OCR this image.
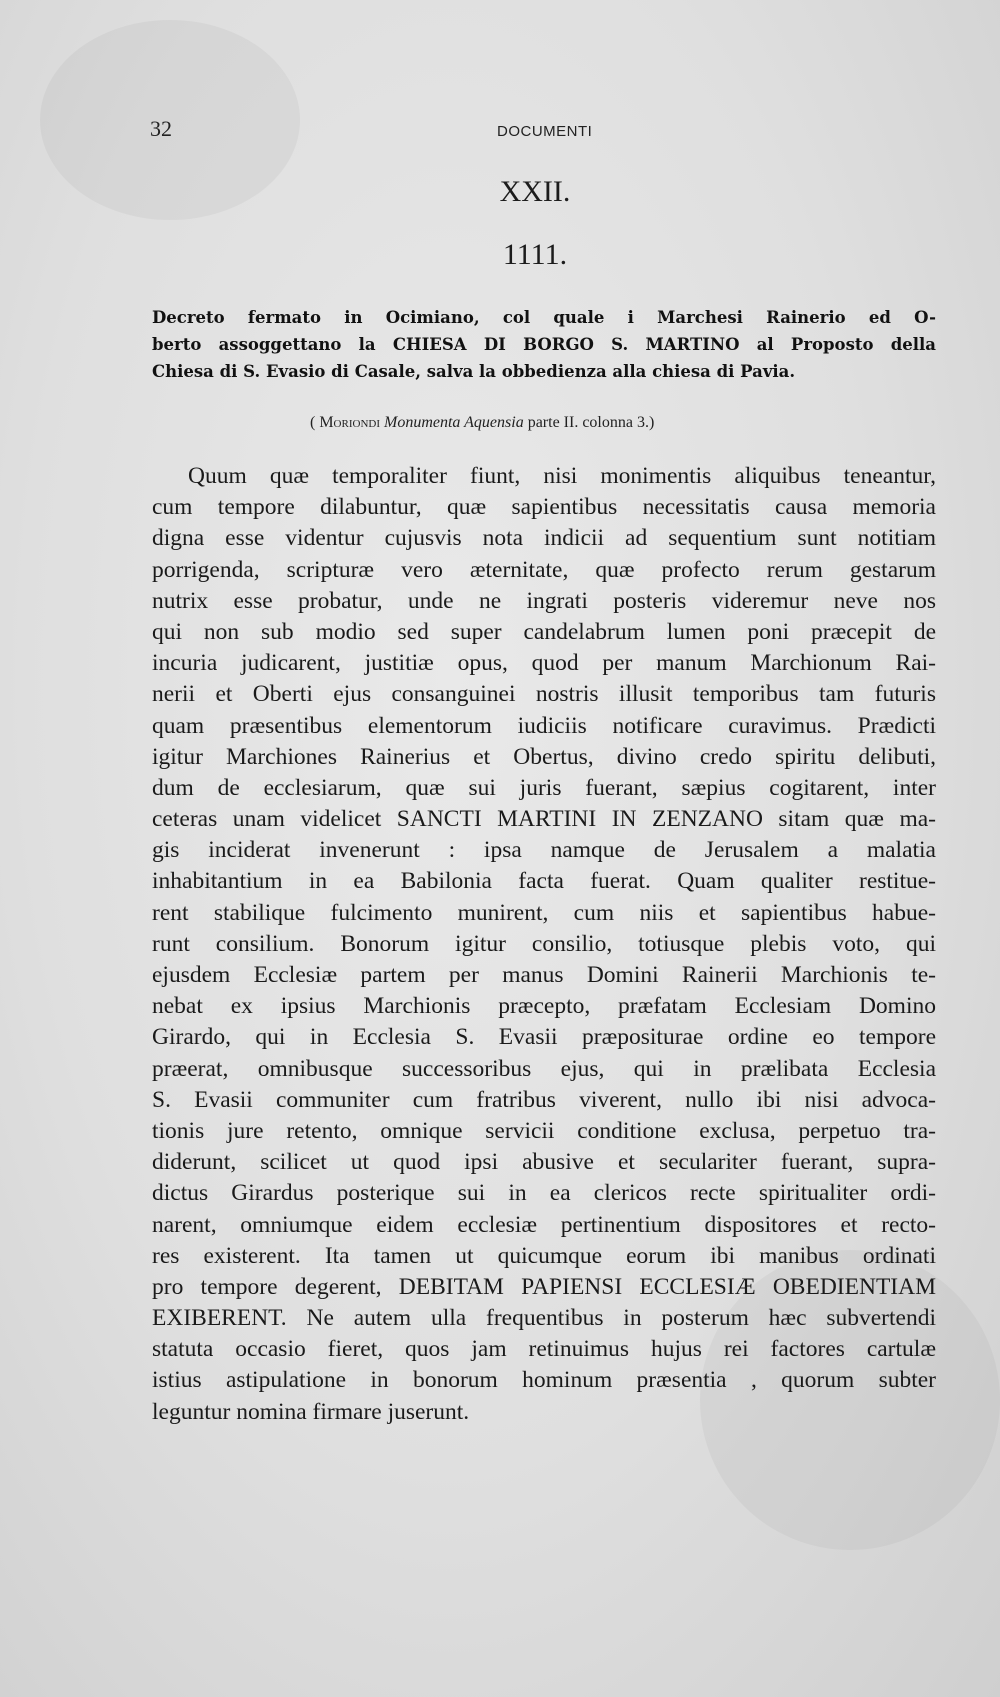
32	DOCUMENTI
XXII.
1111.
Decreto fermato in Ocimiano, col quale i Marchesi Rainerio ed O-
berto assoggettano la CHIESA DI BORGO S. MARTINO al Proposto della
Chiesa di S. Evasio di Casale, salva la obbedienza alla chiesa di Pavia.
( Moriondi Monumenta Aquensia parte II. colonna 3.)
Quum quæ temporaliter fiunt, nisi monimentis aliquibus teneantur,
cum tempore dilabuntur, quæ sapientibus necessitatis causa memoria
digna esse videntur cujusvis nota indicii ad sequentium sunt notitiam
porrigenda, scripturæ vero æternitate, quæ profecto rerum gestarum
nutrix esse probatur, unde ne ingrati posteris videremur neve nos
qui non sub modio sed super candelabrum lumen poni præcepit de
incuria judicarent, justitiæ opus, quod per manum Marchionum Rai-
nerii et Oberti ejus consanguinei nostris illusit temporibus tam futuris
quam præsentibus elementorum iudiciis notificare curavimus. Prædicti
igitur Marchiones Rainerius et Obertus, divino credo spiritu delibuti,
dum de ecclesiarum, quæ sui juris fuerant, sæpius cogitarent, inter
ceteras unam videlicet SANCTI MARTINI IN ZENZANO sitam quæ ma-
gis inciderat invenerunt : ipsa namque de Jerusalem a malatia
inhabitantium in ea Babilonia facta fuerat. Quam qualiter restitue-
rent stabilique fulcimento munirent, cum niis et sapientibus habue-
runt consilium. Bonorum igitur consilio, totiusque plebis voto, qui
ejusdem Ecclesiæ partem per manus Domini Rainerii Marchionis te-
nebat ex ipsius Marchionis præcepto, præfatam Ecclesiam Domino
Girardo, qui in Ecclesia S. Evasii præpositurae ordine eo tempore
præerat, omnibusque successoribus ejus, qui in prælibata Ecclesia
S. Evasii communiter cum fratribus viverent, nullo ibi nisi advoca-
tionis jure retento, omnique servicii conditione exclusa, perpetuo tra-
diderunt, scilicet ut quod ipsi abusive et seculariter fuerant, supra-
dictus Girardus posterique sui in ea clericos recte spiritualiter ordi-
narent, omniumque eidem ecclesiæ pertinentium dispositores et recto-
res existerent. Ita tamen ut quicumque eorum ibi manibus ordinati
pro tempore degerent, DEBITAM PAPIENSI ECCLESIÆ OBEDIENTIAM
EXIBERENT. Ne autem ulla frequentibus in posterum hæc subvertendi
statuta occasio fieret, quos jam retinuimus hujus rei factores cartulæ
istius astipulatione in bonorum hominum præsentia , quorum subter
leguntur nomina firmare juserunt.
